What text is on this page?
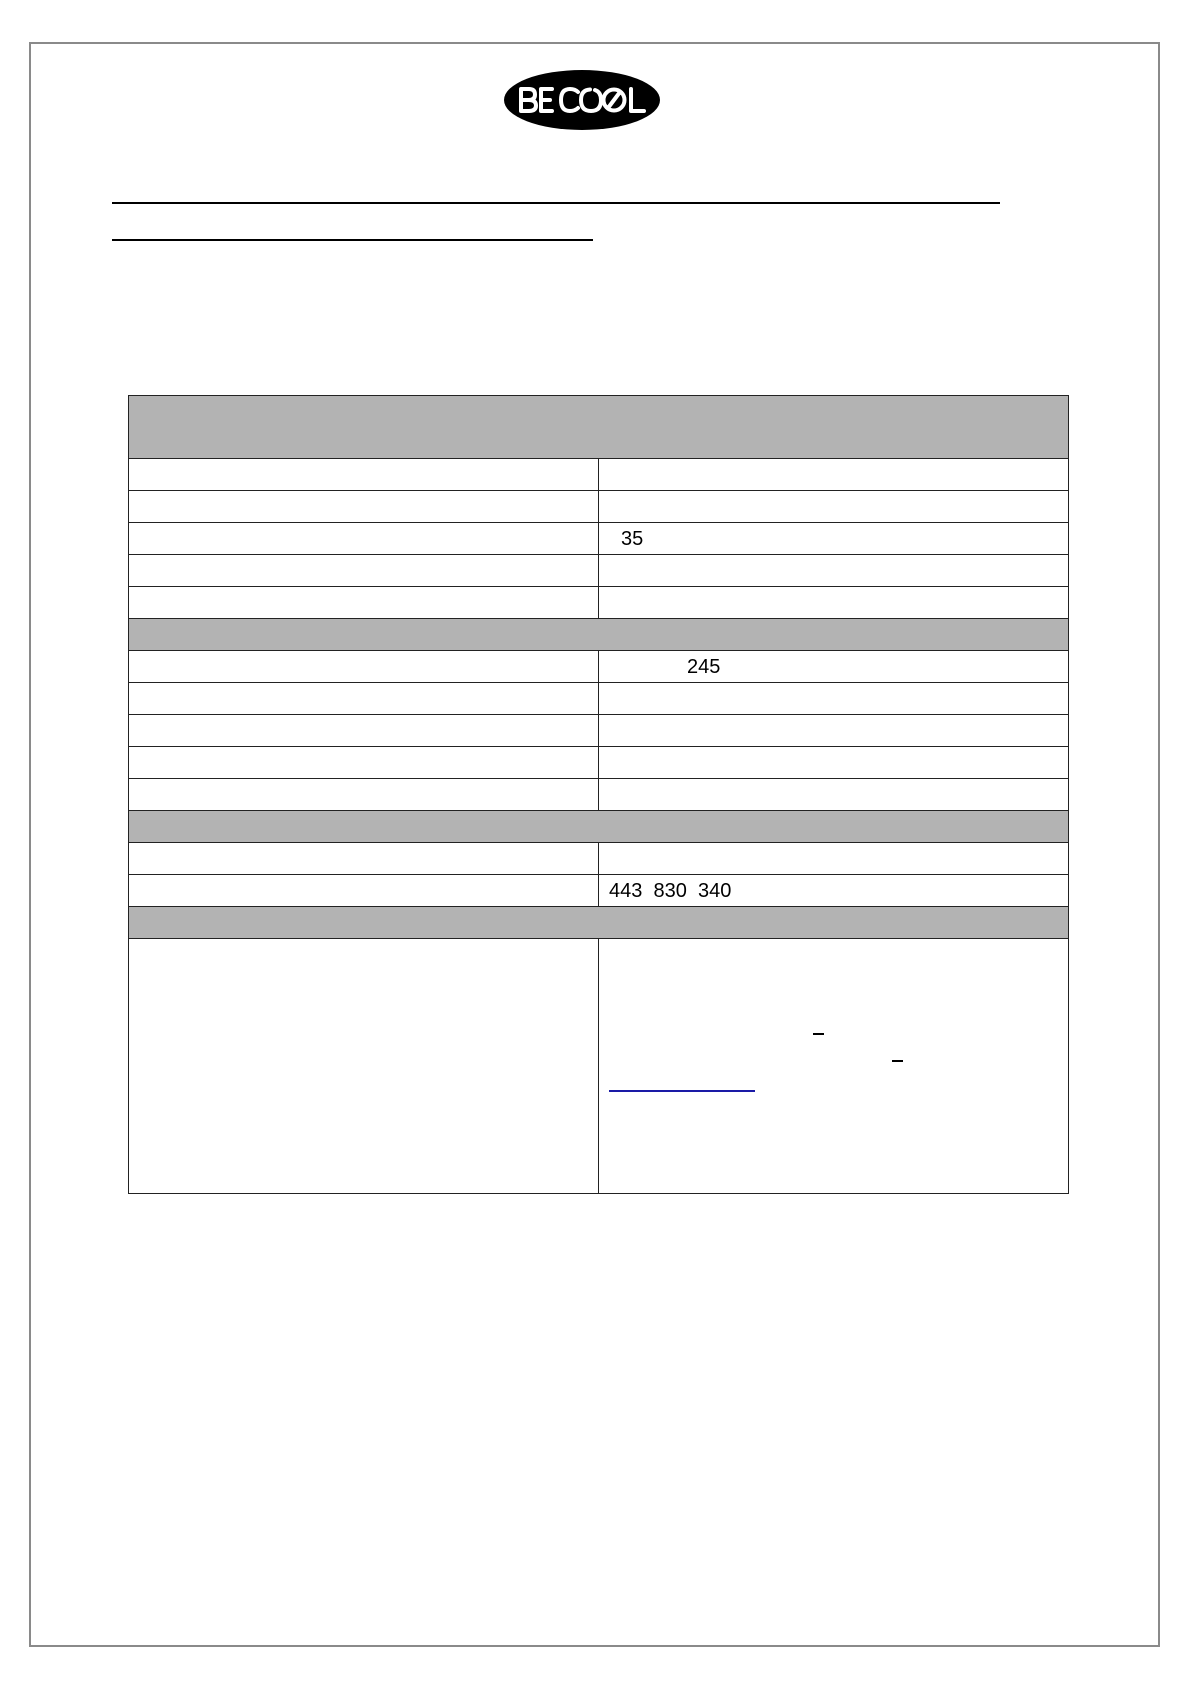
	35

	245

	443  830  340
